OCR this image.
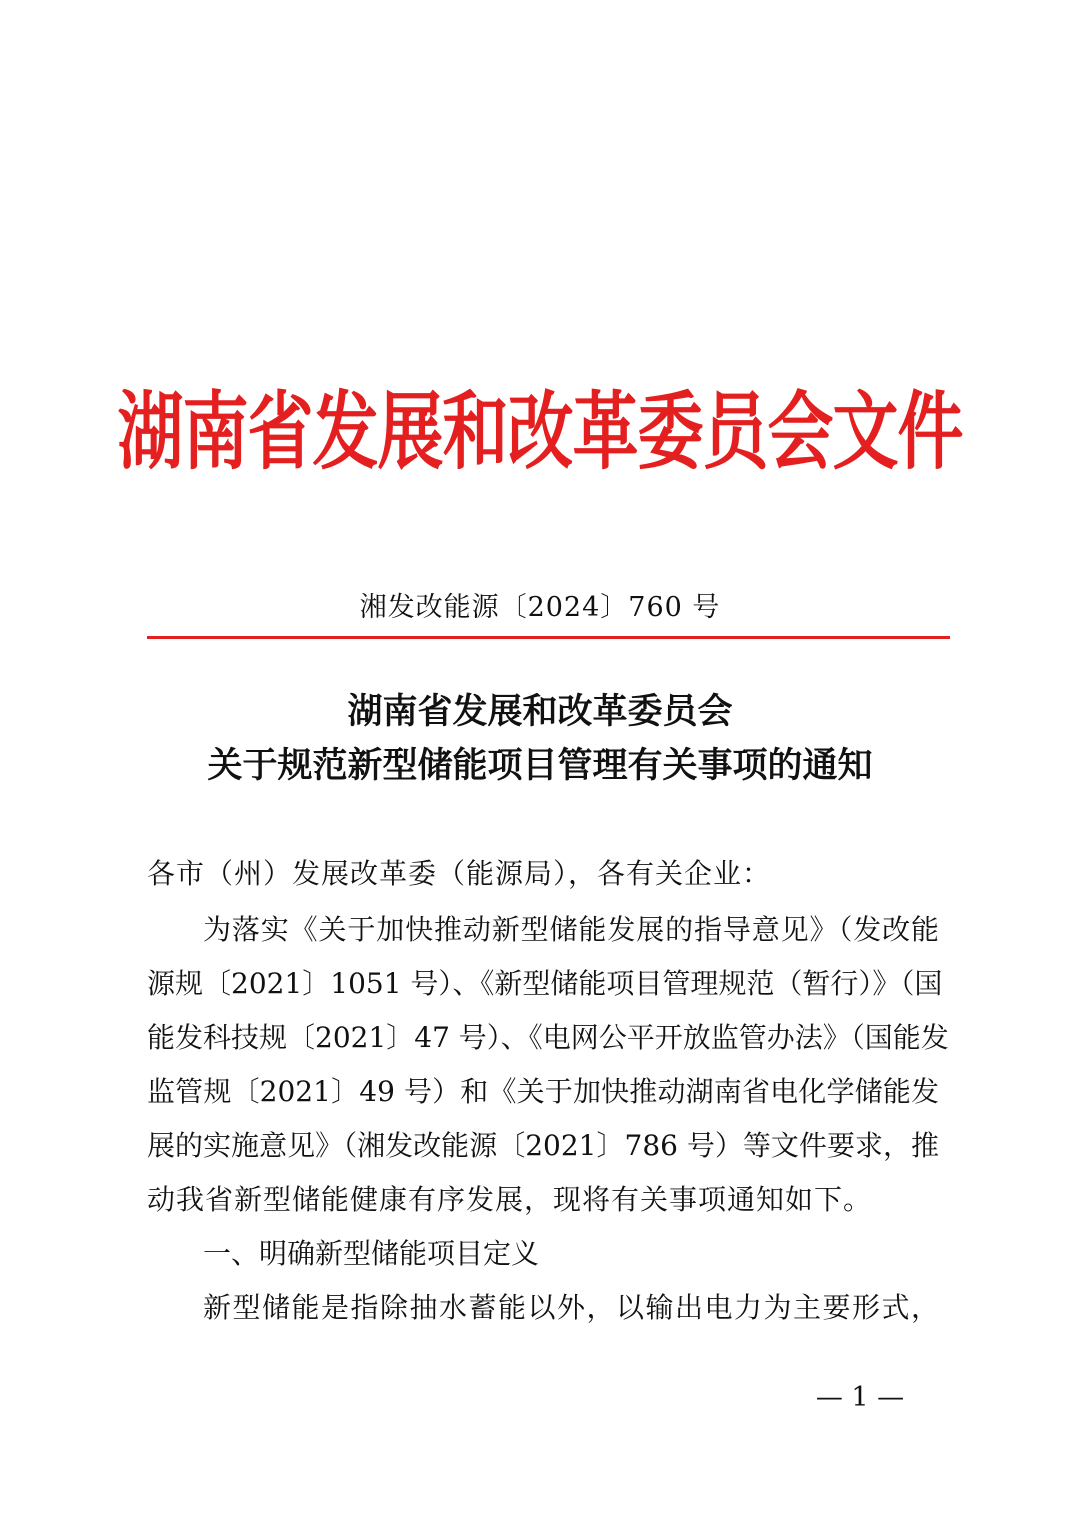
湖南省发展和改革委员会文件
湘发改能源〔2024〕760 号
湖南省发展和改革委员会
关于规范新型储能项目管理有关事项的通知
各市（州）发展改革委（能源局），各有关企业：
为落实《关于加快推动新型储能发展的指导意见》（发改能
源规〔2021〕1051 号）、《新型储能项目管理规范（暂行）》（国
能发科技规〔2021〕47 号）、《电网公平开放监管办法》（国能发
监管规〔2021〕49 号）和《关于加快推动湖南省电化学储能发
展的实施意见》（湘发改能源〔2021〕786 号）等文件要求，推
动我省新型储能健康有序发展，现将有关事项通知如下。
一、明确新型储能项目定义
新型储能是指除抽水蓄能以外，以输出电力为主要形式，
— 1 —
